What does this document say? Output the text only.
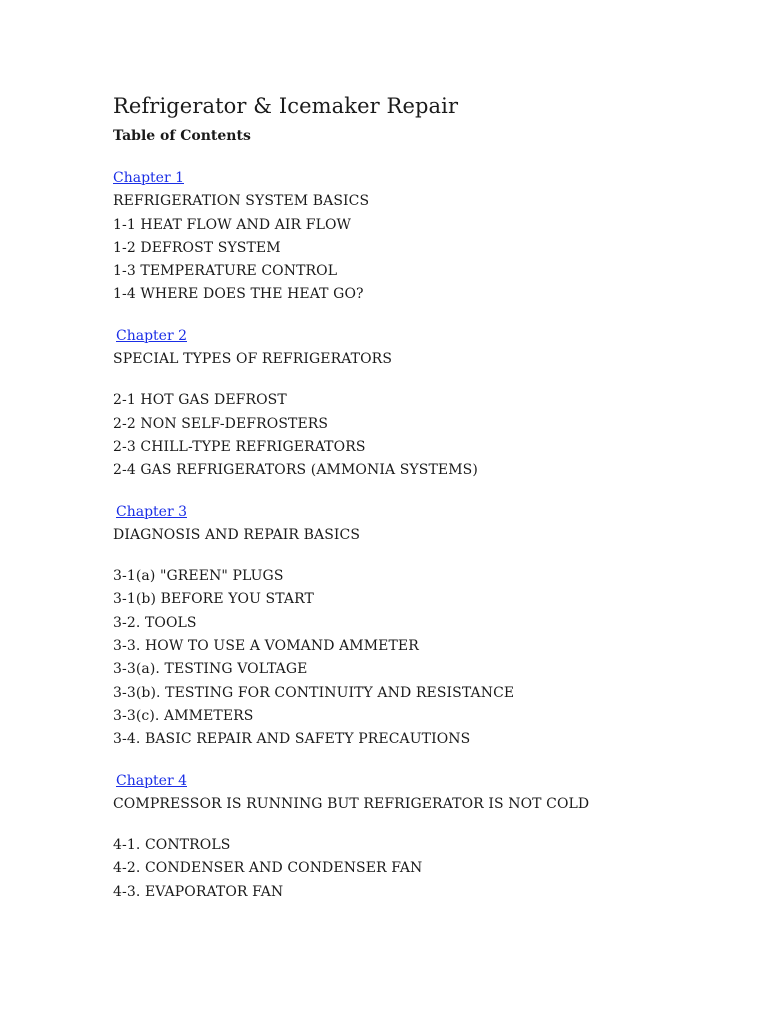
Refrigerator & Icemaker Repair
Table of Contents
Chapter 1
REFRIGERATION SYSTEM BASICS
1-1 HEAT FLOW AND AIR FLOW
1-2 DEFROST SYSTEM
1-3 TEMPERATURE CONTROL
1-4 WHERE DOES THE HEAT GO?
Chapter 2
SPECIAL TYPES OF REFRIGERATORS
2-1 HOT GAS DEFROST
2-2 NON SELF-DEFROSTERS
2-3 CHILL-TYPE REFRIGERATORS
2-4 GAS REFRIGERATORS (AMMONIA SYSTEMS)
Chapter 3
DIAGNOSIS AND REPAIR BASICS
3-1(a) "GREEN" PLUGS
3-1(b) BEFORE YOU START
3-2. TOOLS
3-3. HOW TO USE A VOMAND AMMETER
3-3(a). TESTING VOLTAGE
3-3(b). TESTING FOR CONTINUITY AND RESISTANCE
3-3(c). AMMETERS
3-4. BASIC REPAIR AND SAFETY PRECAUTIONS
Chapter 4
COMPRESSOR IS RUNNING BUT REFRIGERATOR IS NOT COLD
4-1. CONTROLS
4-2. CONDENSER AND CONDENSER FAN
4-3. EVAPORATOR FAN
